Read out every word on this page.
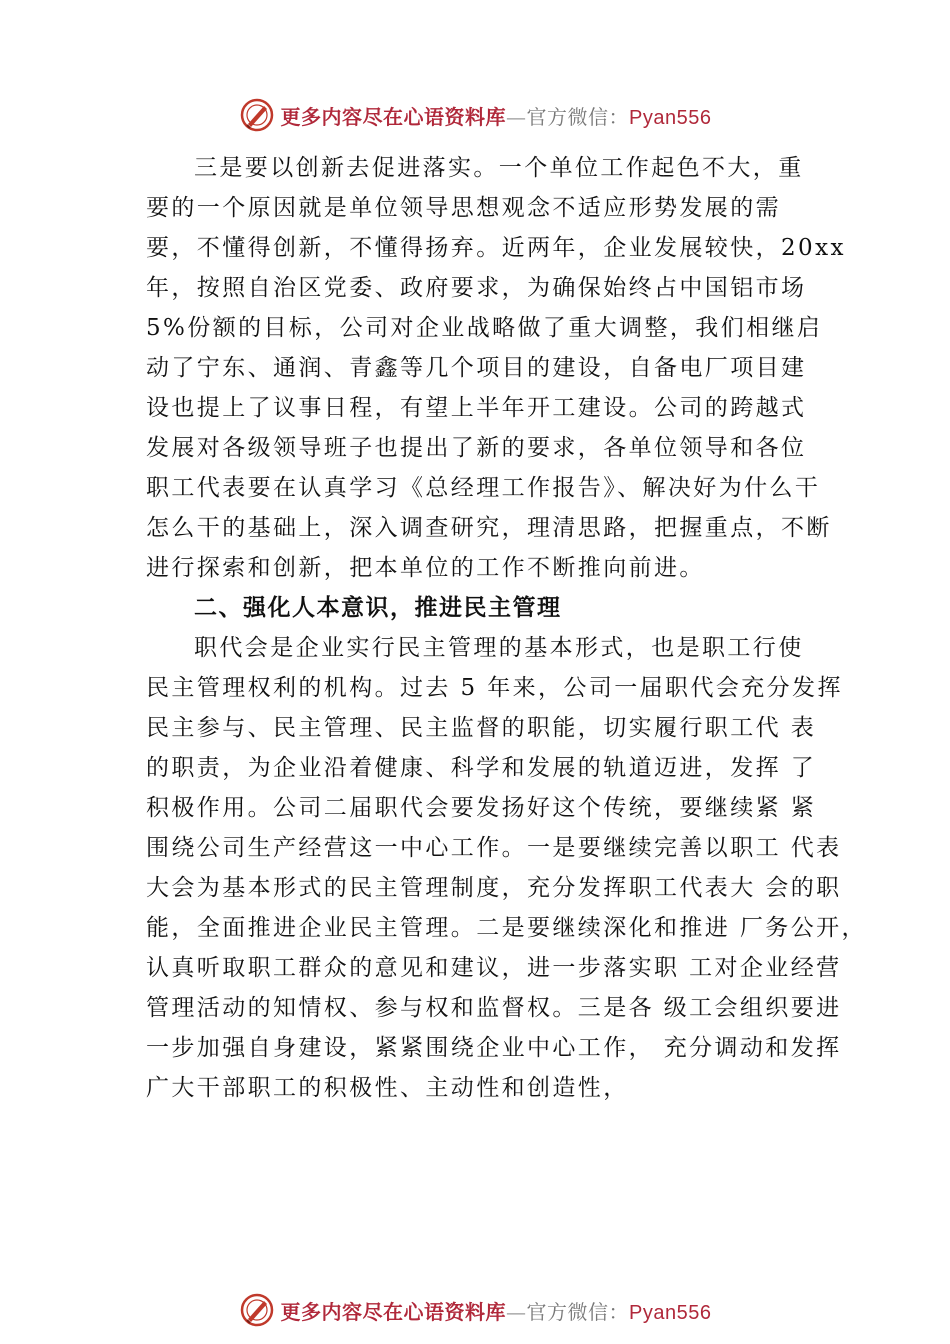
更多内容尽在心语资料库—官方微信：Pyan556
三是要以创新去促进落实。一个单位工作起色不大，重
要的一个原因就是单位领导思想观念不适应形势发展的需
要，不懂得创新，不懂得扬弃。近两年，企业发展较快，20xx
年，按照自治区党委、政府要求，为确保始终占中国铝市场
5%份额的目标，公司对企业战略做了重大调整，我们相继启
动了宁东、通润、青鑫等几个项目的建设，自备电厂项目建
设也提上了议事日程，有望上半年开工建设。公司的跨越式
发展对各级领导班子也提出了新的要求，各单位领导和各位
职工代表要在认真学习《总经理工作报告》、解决好为什么干
怎么干的基础上，深入调查研究，理清思路，把握重点，不断
进行探索和创新，把本单位的工作不断推向前进。
二、强化人本意识，推进民主管理
职代会是企业实行民主管理的基本形式，也是职工行使
民主管理权利的机构。过去 5 年来，公司一届职代会充分发挥
民主参与、民主管理、民主监督的职能，切实履行职工代 表
的职责，为企业沿着健康、科学和发展的轨道迈进，发挥 了
积极作用。公司二届职代会要发扬好这个传统，要继续紧 紧
围绕公司生产经营这一中心工作。一是要继续完善以职工 代表
大会为基本形式的民主管理制度，充分发挥职工代表大 会的职
能，全面推进企业民主管理。二是要继续深化和推进 厂务公开，
认真听取职工群众的意见和建议，进一步落实职 工对企业经营
管理活动的知情权、参与权和监督权。三是各 级工会组织要进
一步加强自身建设，紧紧围绕企业中心工作， 充分调动和发挥
广大干部职工的积极性、主动性和创造性，
更多内容尽在心语资料库—官方微信：Pyan556
